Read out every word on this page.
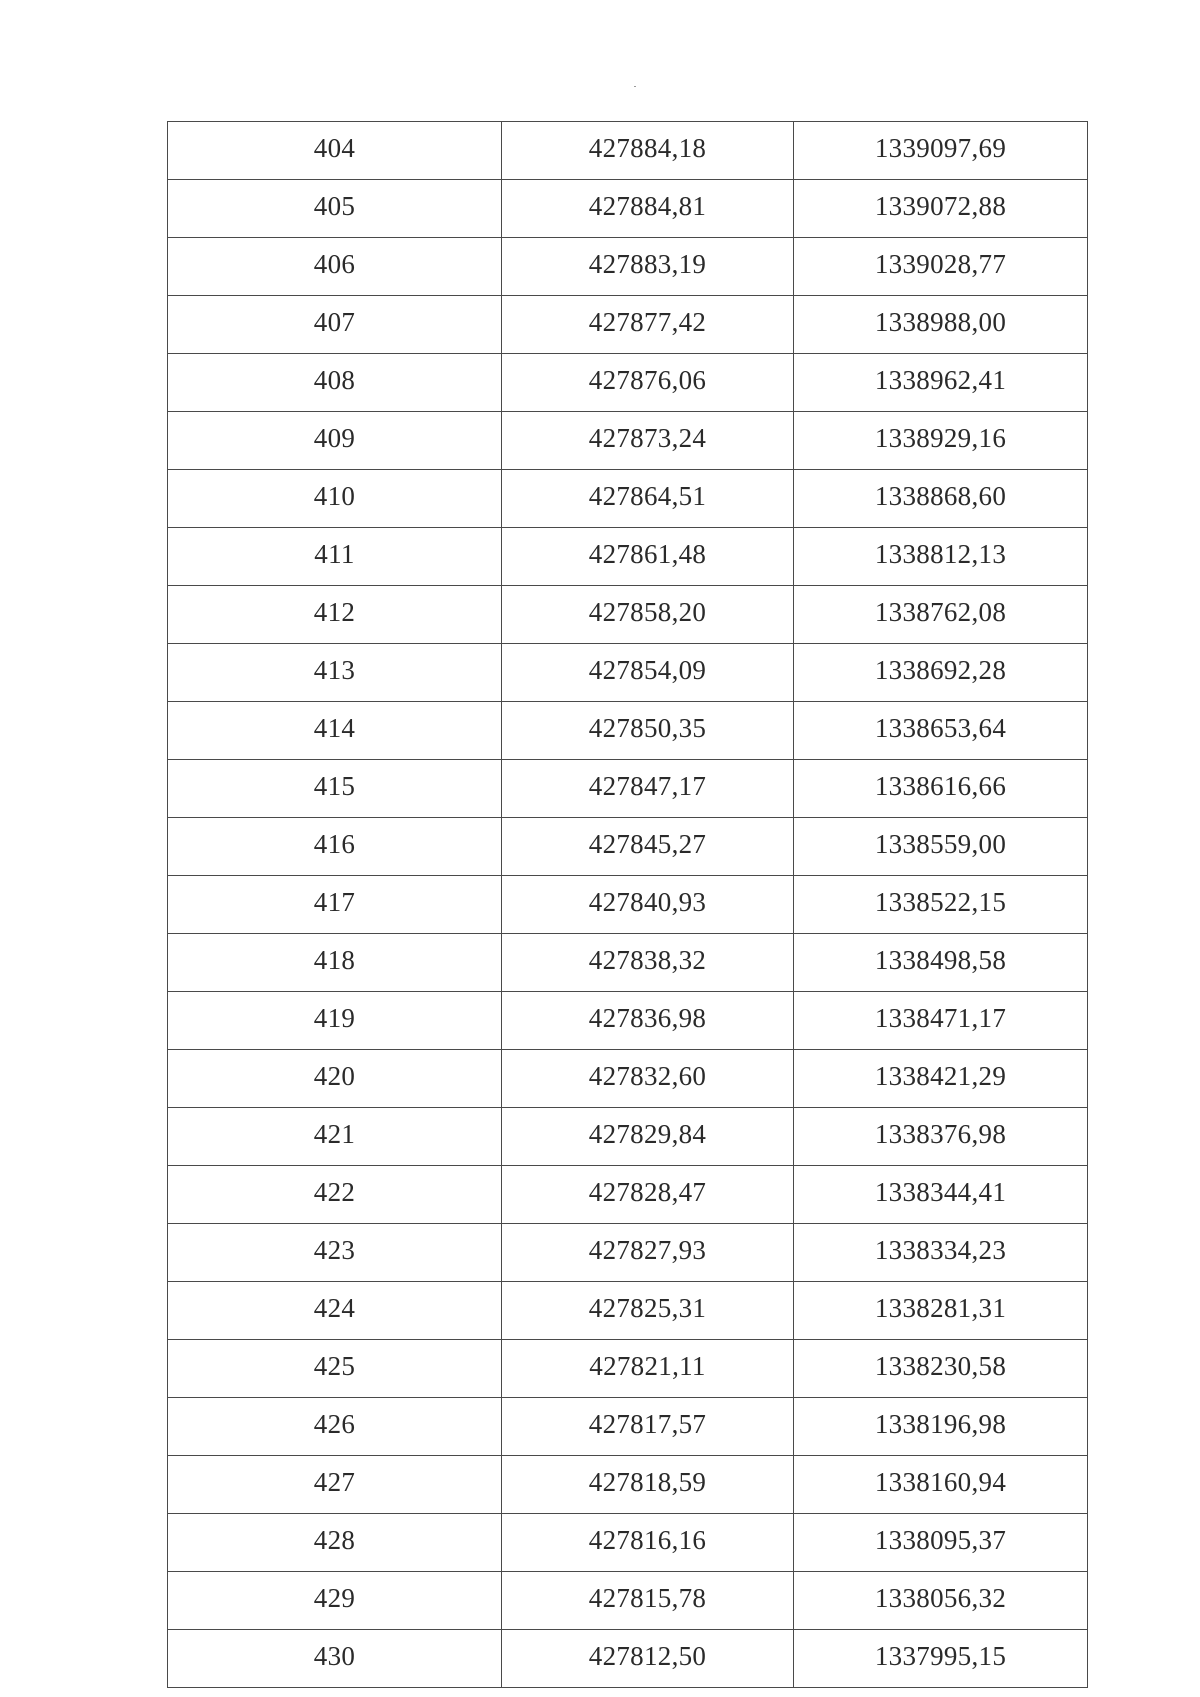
404	427884,18	1339097,69
405	427884,81	1339072,88
406	427883,19	1339028,77
407	427877,42	1338988,00
408	427876,06	1338962,41
409	427873,24	1338929,16
410	427864,51	1338868,60
411	427861,48	1338812,13
412	427858,20	1338762,08
413	427854,09	1338692,28
414	427850,35	1338653,64
415	427847,17	1338616,66
416	427845,27	1338559,00
417	427840,93	1338522,15
418	427838,32	1338498,58
419	427836,98	1338471,17
420	427832,60	1338421,29
421	427829,84	1338376,98
422	427828,47	1338344,41
423	427827,93	1338334,23
424	427825,31	1338281,31
425	427821,11	1338230,58
426	427817,57	1338196,98
427	427818,59	1338160,94
428	427816,16	1338095,37
429	427815,78	1338056,32
430	427812,50	1337995,15
